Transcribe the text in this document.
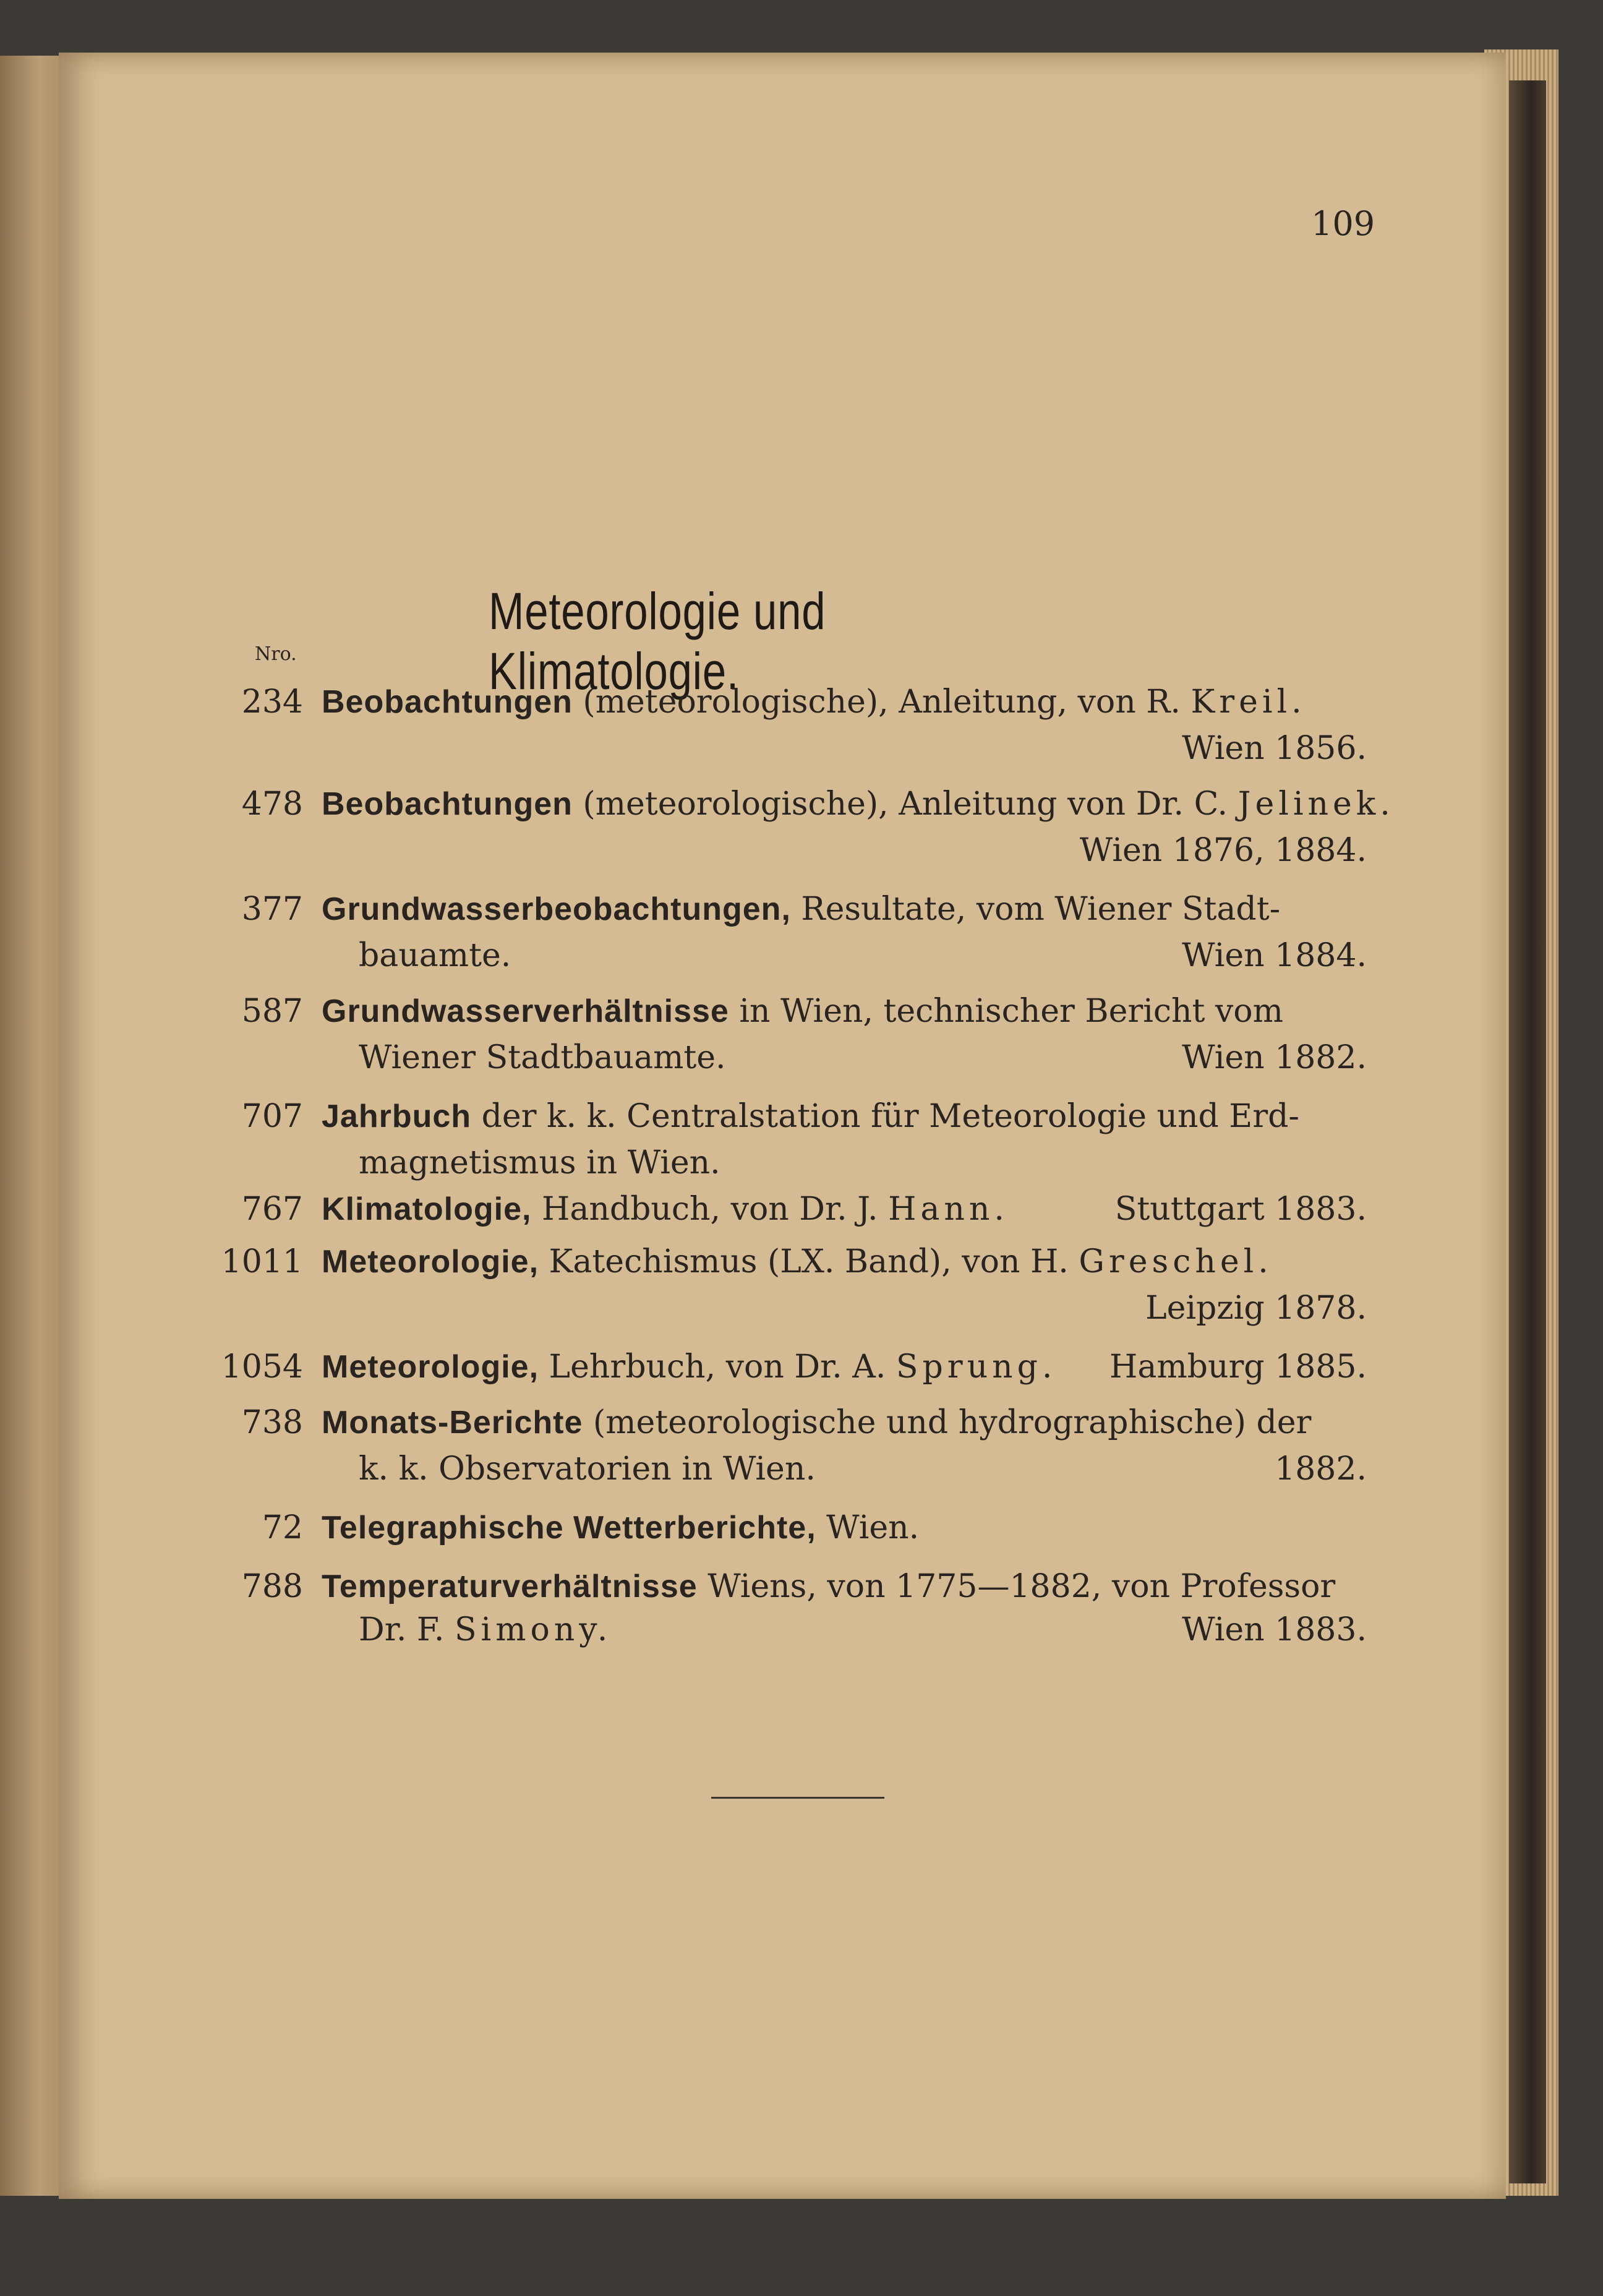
109
Meteorologie und Klimatologie.
Nro.
234 Beobachtungen (meteorologische), Anleitung, von R. Kreil.
Wien 1856.
478 Beobachtungen (meteorologische), Anleitung von Dr. C. Jelinek.
Wien 1876, 1884.
377 Grundwasserbeobachtungen, Resultate, vom Wiener Stadt-
bauamte.	Wien 1884.
587 Grundwasserverhältnisse in Wien, technischer Bericht vom
Wiener Stadtbauamte.	Wien 1882.
707 Jahrbuch der k. k. Centralstation für Meteorologie und Erd-
magnetismus in Wien.
767 Klimatologie, Handbuch, von Dr. J. Hann.	Stuttgart 1883.
1011 Meteorologie, Katechismus (LX. Band), von H. Greschel.
Leipzig 1878.
1054 Meteorologie, Lehrbuch, von Dr. A. Sprung. Hamburg 1885.
738 Monats-Berichte (meteorologische und hydrographische) der
k. k. Observatorien in Wien.	1882.
72 Telegraphische Wetterberichte, Wien.
788 Temperaturverhältnisse Wiens, von 1775—1882, von Professor
Dr. F. Simony.	Wien 1883.
